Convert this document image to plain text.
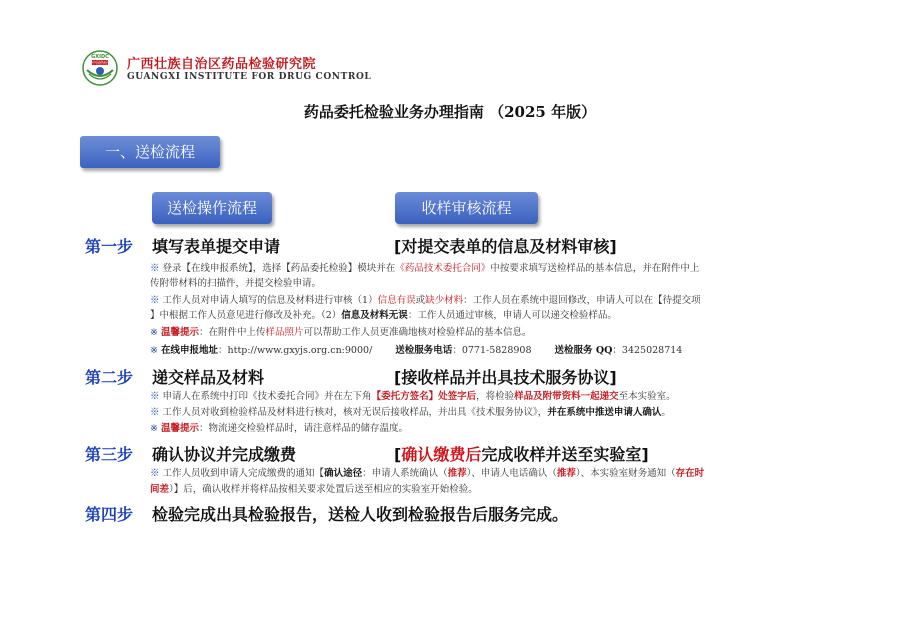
GXIDC
中国药检 广西壮族自治区药品检验研究院
GUANGXI INSTITUTE FOR DRUG CONTROL
药品委托检验业务办理指南 （2025 年版）
一、送检流程
送检操作流程	收样审核流程
第一步 填写表单提交申请	[对提交表单的信息及材料审核]
※ 登录【在线申报系统】，选择【药品委托检验】模块并在《药品技术委托合同》中按要求填写送检样品的基本信息，并在附件中上
传附带材料的扫描件，并提交检验申请。
※ 工作人员对申请人填写的信息及材料进行审核（1）信息有误或缺少材料：工作人员在系统中退回修改，申请人可以在【待提交项
】中根据工作人员意见进行修改及补充。（2）信息及材料无误：工作人员通过审核，申请人可以递交检验样品。
※ 温馨提示：在附件中上传样品照片可以帮助工作人员更准确地核对检验样品的基本信息。
※ 在线申报地址：http://www.gxyjs.org.cn:9000/ 送检服务电话：0771-5828908 送检服务 QQ：3425028714
第二步 递交样品及材料	[接收样品并出具技术服务协议]
※ 申请人在系统中打印《技术委托合同》并在左下角【委托方签名】处签字后，将检验样品及附带资料一起递交至本实验室。
※ 工作人员对收到检验样品及材料进行核对，核对无误后接收样品，并出具《技术服务协议》，并在系统中推送申请人确认。
※ 温馨提示：物流递交检验样品时，请注意样品的储存温度。
第三步 确认协议并完成缴费	[确认缴费后完成收样并送至实验室]
※ 工作人员收到申请人完成缴费的通知【确认途径：申请人系统确认（推荐）、申请人电话确认（推荐）、本实验室财务通知（存在时
间差）】后，确认收样并将样品按相关要求处置后送至相应的实验室开始检验。
第四步 检验完成出具检验报告，送检人收到检验报告后服务完成。
